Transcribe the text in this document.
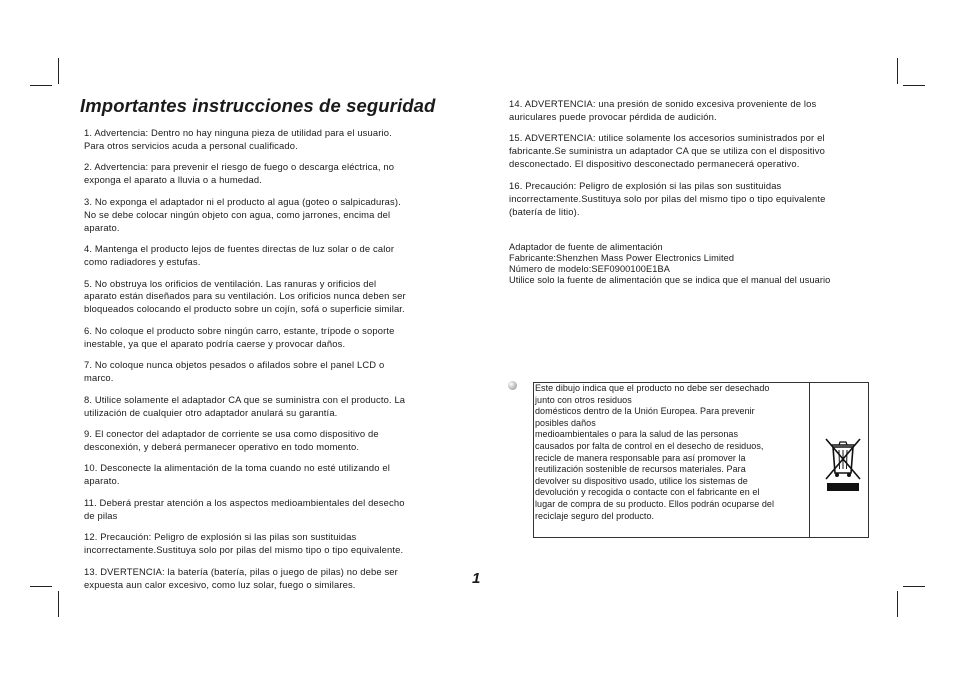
Importantes instrucciones de seguridad

1. Advertencia: Dentro no hay ninguna pieza de utilidad para el usuario.
Para otros servicios acuda a personal cualificado.

2. Advertencia: para prevenir el riesgo de fuego o descarga eléctrica, no
exponga el aparato a lluvia o a humedad.

3. No exponga el adaptador ni el producto al agua (goteo o salpicaduras).
No se debe colocar ningún objeto con agua, como jarrones, encima del
aparato.

4. Mantenga el producto lejos de fuentes directas de luz solar o de calor
como radiadores y estufas.

5. No obstruya los orificios de ventilación. Las ranuras y orificios del
aparato están diseñados para su ventilación. Los orificios nunca deben ser
bloqueados colocando el producto sobre un cojín, sofá o superficie similar.

6. No coloque el producto sobre ningún carro, estante, trípode o soporte
inestable, ya que el aparato podría caerse y provocar daños.

7. No coloque nunca objetos pesados o afilados sobre el panel LCD o
marco.

8. Utilice solamente el adaptador CA que se suministra con el producto. La
utilización de cualquier otro adaptador anulará su garantía.

9. El conector del adaptador de corriente se usa como dispositivo de
desconexión, y deberá permanecer operativo en todo momento.

10. Desconecte la alimentación de la toma cuando no esté utilizando el
aparato.

11. Deberá prestar atención a los aspectos medioambientales del desecho
de pilas

12. Precaución: Peligro de explosión si las pilas son sustituidas
incorrectamente.Sustituya solo por pilas del mismo tipo o tipo equivalente.

13. DVERTENCIA: la batería (batería, pilas o juego de pilas) no debe ser
expuesta aun calor excesivo, como luz solar, fuego o similares.

14. ADVERTENCIA: una presión de sonido excesiva proveniente de los
auriculares puede provocar pérdida de audición.

15. ADVERTENCIA: utilice solamente los accesorios suministrados por el
fabricante.Se suministra un adaptador CA que se utiliza con el dispositivo
desconectado. El dispositivo desconectado permanecerá operativo.

16. Precaución: Peligro de explosión si las pilas son sustituidas
incorrectamente.Sustituya solo por pilas del mismo tipo o tipo equivalente
(batería de litio).

Adaptador de fuente de alimentación
Fabricante:Shenzhen Mass Power Electronics Limited
Número de modelo:SEF0900100E1BA
Utilice solo la fuente de alimentación que se indica que el manual del usuario
Este dibujo indica que el producto no debe ser desechado
junto con otros residuos
domésticos dentro de la Unión Europea. Para prevenir
posibles daños
medioambientales o para la salud de las personas
causados por falta de control en el desecho de residuos,
recicle de manera responsable para así promover la
reutilización sostenible de recursos materiales. Para
devolver su dispositivo usado, utilice los sistemas de
devolución y recogida o contacte con el fabricante en el
lugar de compra de su producto. Ellos podrán ocuparse del
reciclaje seguro del producto.
1
